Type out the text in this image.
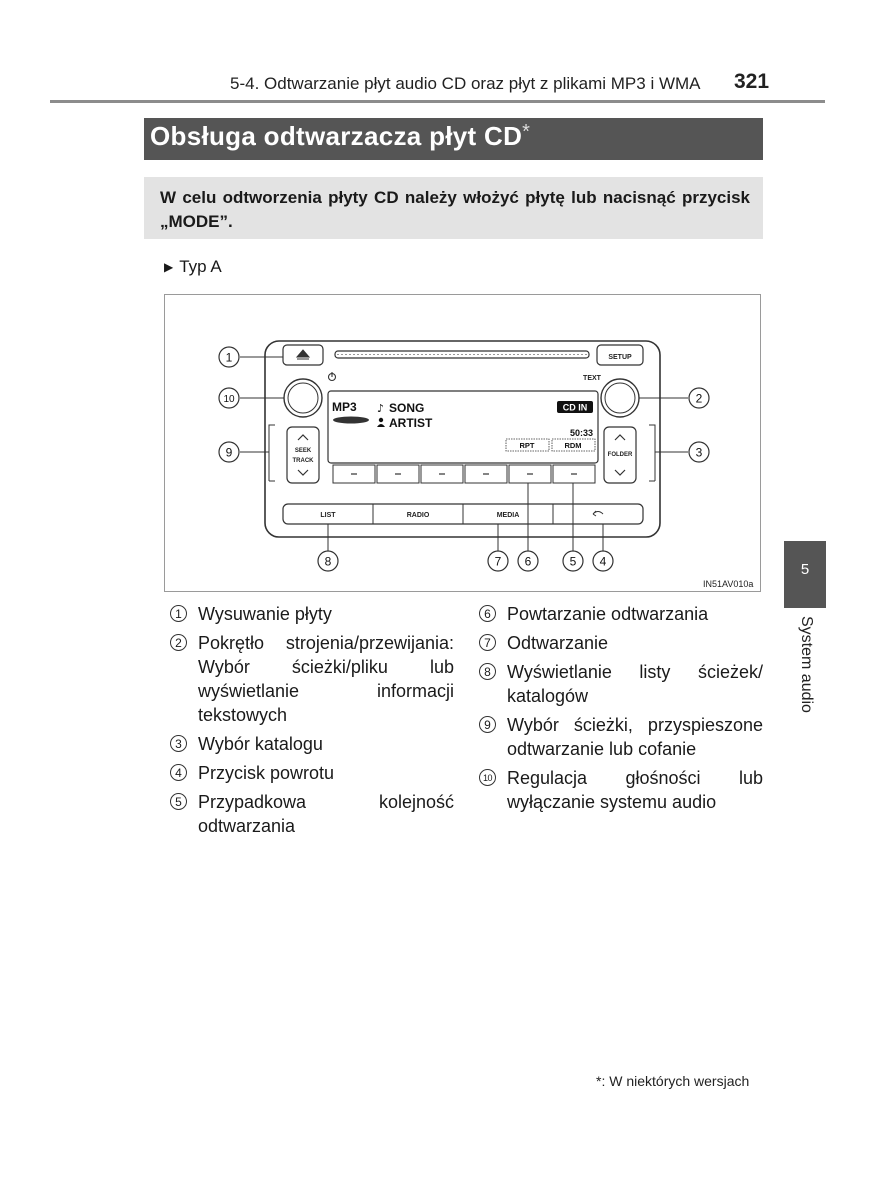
5-4. Odtwarzanie płyt audio CD oraz płyt z plikami MP3 i WMA 321
Obsługa odtwarzacza płyt CD*
W celu odtworzenia płyty CD należy włożyć płytę lub nacisnąć przycisk „MODE”.
▶ Typ A
SETUP
TEXT
MP3 ♪ SONG
ARTIST
CD IN
50:33
RPT	RDM
SEEK
TRACK
FOLDER
LIST	RADIO	MEDIA
1
10
9
2
3
8	7 6	5 4
IN51AV010a
1 Wysuwanie płyty
2 Pokrętło strojenia/przewijania: Wybór ścieżki/pliku lub wyświetlanie informacji tekstowych
3 Wybór katalogu
4 Przycisk powrotu
5 Przypadkowa kolejność odtwarzania
6 Powtarzanie odtwarzania
7 Odtwarzanie
8 Wyświetlanie listy ścieżek/ katalogów
9 Wybór ścieżki, przyspieszone odtwarzanie lub cofanie
10 Regulacja głośności lub wyłączanie systemu audio
5
System audio
*: W niektórych wersjach
